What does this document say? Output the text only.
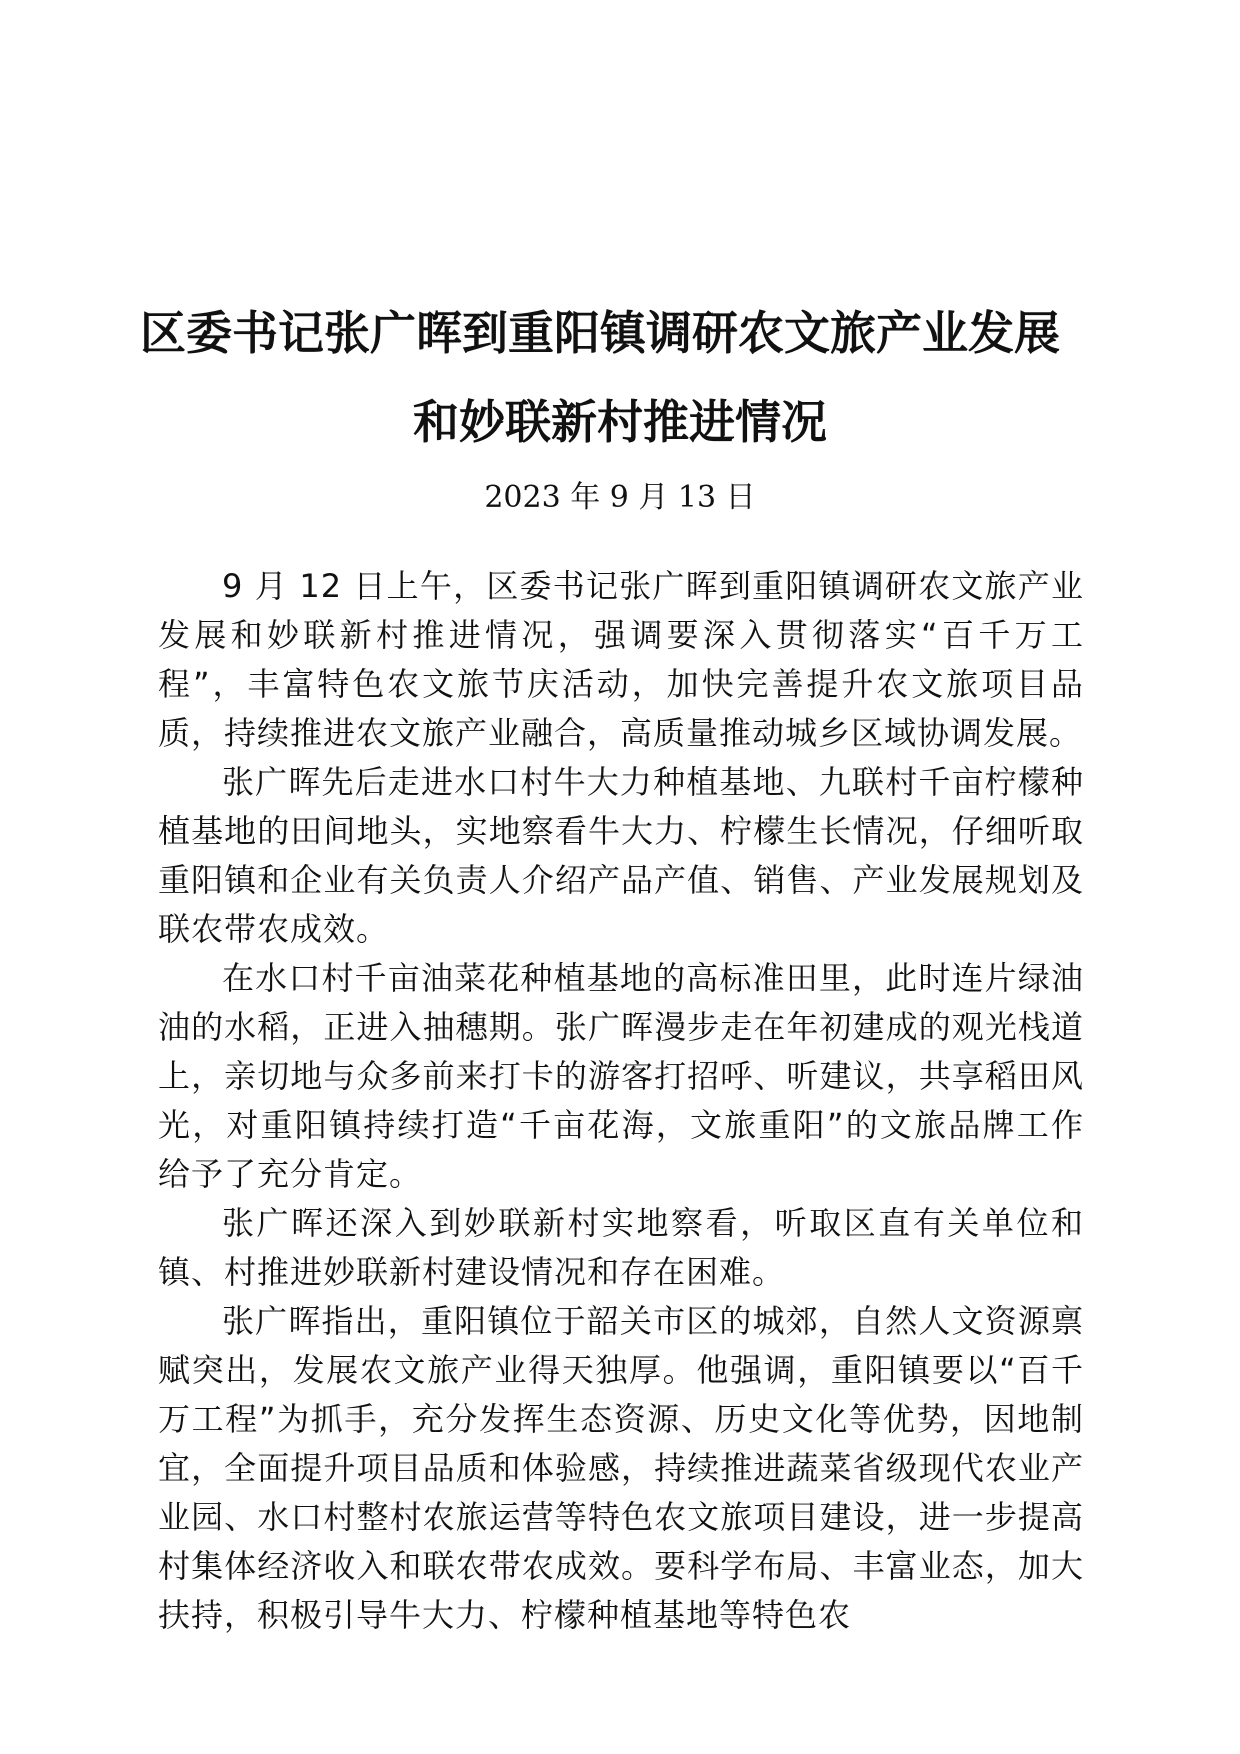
区委书记张广晖到重阳镇调研农文旅产业发展
和妙联新村推进情况
2023 年 9 月 13 日

9 月 12 日上午，区委书记张广晖到重阳镇调研农文旅产业发展和妙联新村推进情况，强调要深入贯彻落实“百千万工程”，丰富特色农文旅节庆活动，加快完善提升农文旅项目品质，持续推进农文旅产业融合，高质量推动城乡区域协调发展。

张广晖先后走进水口村牛大力种植基地、九联村千亩柠檬种植基地的田间地头，实地察看牛大力、柠檬生长情况，仔细听取重阳镇和企业有关负责人介绍产品产值、销售、产业发展规划及联农带农成效。

在水口村千亩油菜花种植基地的高标准田里，此时连片绿油油的水稻，正进入抽穗期。张广晖漫步走在年初建成的观光栈道上，亲切地与众多前来打卡的游客打招呼、听建议，共享稻田风光，对重阳镇持续打造“千亩花海，文旅重阳”的文旅品牌工作给予了充分肯定。

张广晖还深入到妙联新村实地察看，听取区直有关单位和镇、村推进妙联新村建设情况和存在困难。

张广晖指出，重阳镇位于韶关市区的城郊，自然人文资源禀赋突出，发展农文旅产业得天独厚。他强调，重阳镇要以“百千万工程”为抓手，充分发挥生态资源、历史文化等优势，因地制宜，全面提升项目品质和体验感，持续推进蔬菜省级现代农业产业园、水口村整村农旅运营等特色农文旅项目建设，进一步提高村集体经济收入和联农带农成效。要科学布局、丰富业态，加大扶持，积极引导牛大力、柠檬种植基地等特色农
